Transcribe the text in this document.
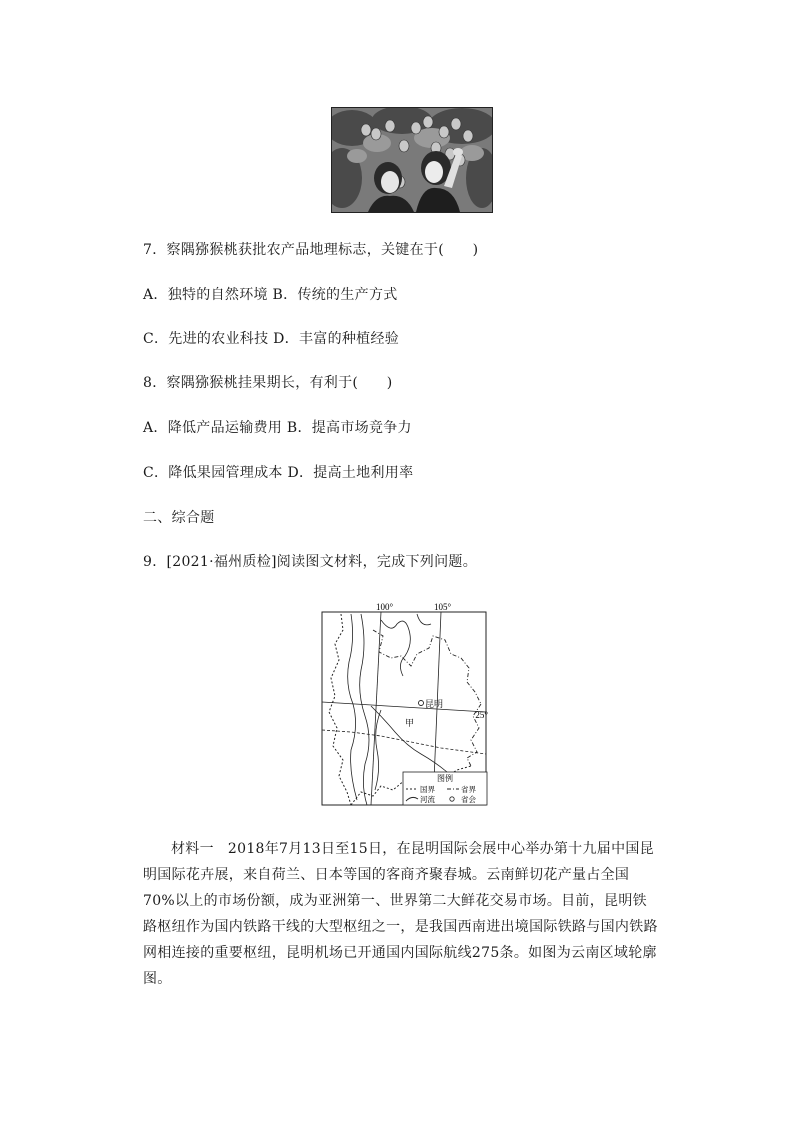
7．察隅猕猴桃获批农产品地理标志，关键在于(　　)
A．独特的自然环境 B．传统的生产方式
C．先进的农业科技 D．丰富的种植经验
8．察隅猕猴桃挂果期长，有利于(　　)
A．降低产品运输费用 B．提高市场竞争力
C．降低果园管理成本 D．提高土地利用率
二、综合题
9．[2021·福州质检]阅读图文材料，完成下列问题。
100°	105°
25°
昆明
甲
图例
国界	省界
河流	省会
材料一 2018年7月13日至15日，在昆明国际会展中心举办第十九届中国昆明国际花卉展，来自荷兰、日本等国的客商齐聚春城。云南鲜切花产量占全国70%以上的市场份额，成为亚洲第一、世界第二大鲜花交易市场。目前，昆明铁路枢纽作为国内铁路干线的大型枢纽之一，是我国西南进出境国际铁路与国内铁路网相连接的重要枢纽，昆明机场已开通国内国际航线275条。如图为云南区域轮廓图。
